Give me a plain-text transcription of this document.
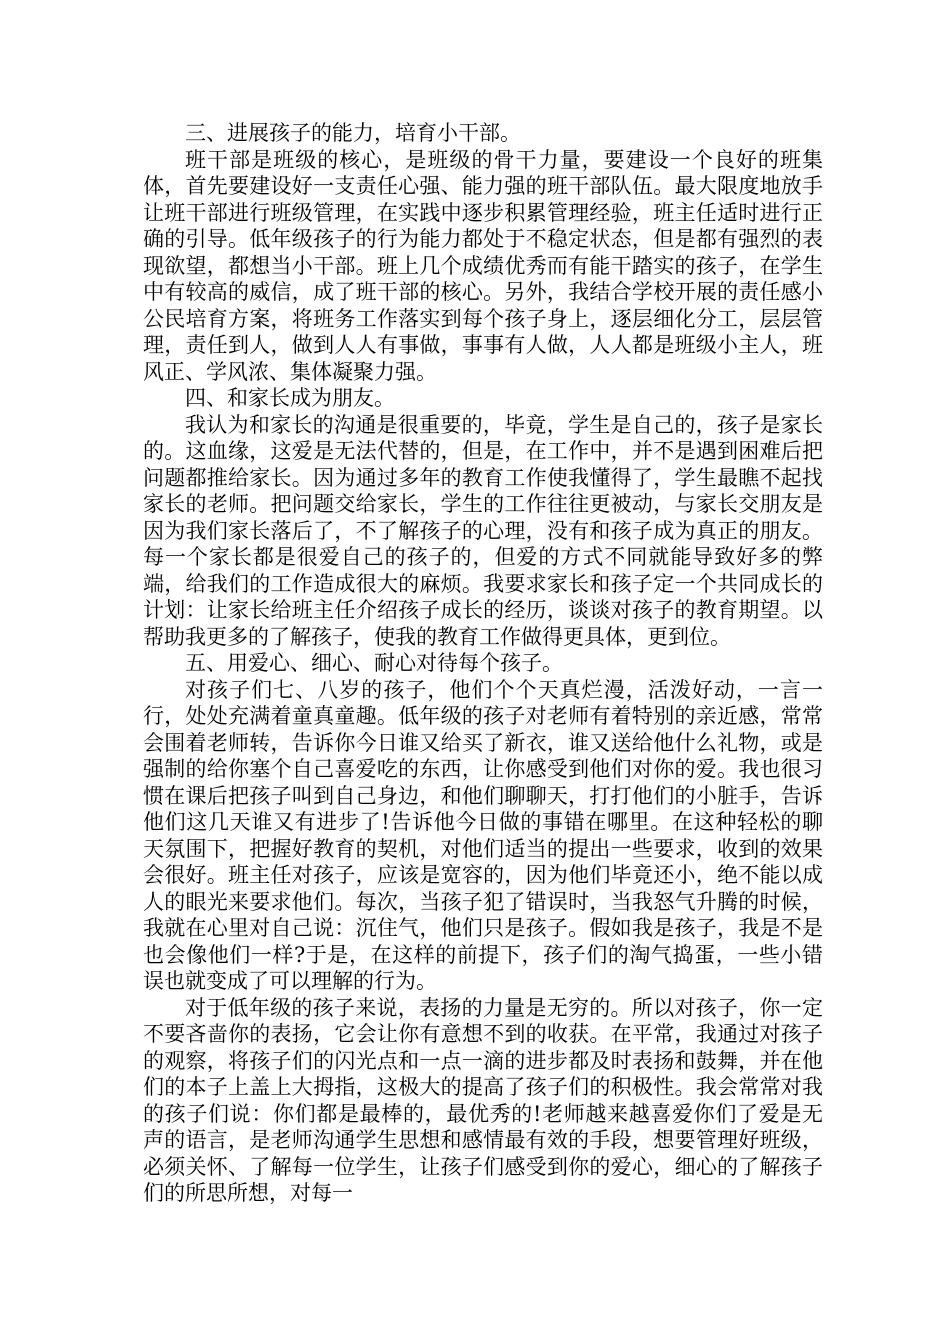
三、进展孩子的能力，培育小干部。

班干部是班级的核心，是班级的骨干力量，要建设一个良好的班集体，首先要建设好一支责任心强、能力强的班干部队伍。最大限度地放手让班干部进行班级管理，在实践中逐步积累管理经验，班主任适时进行正确的引导。低年级孩子的行为能力都处于不稳定状态，但是都有强烈的表现欲望，都想当小干部。班上几个成绩优秀而有能干踏实的孩子，在学生中有较高的威信，成了班干部的核心。另外，我结合学校开展的责任感小公民培育方案，将班务工作落实到每个孩子身上，逐层细化分工，层层管理，责任到人，做到人人有事做，事事有人做，人人都是班级小主人，班风正、学风浓、集体凝聚力强。

四、和家长成为朋友。

我认为和家长的沟通是很重要的，毕竟，学生是自己的，孩子是家长的。这血缘，这爱是无法代替的，但是，在工作中，并不是遇到困难后把问题都推给家长。因为通过多年的教育工作使我懂得了，学生最瞧不起找家长的老师。把问题交给家长，学生的工作往往更被动，与家长交朋友是因为我们家长落后了，不了解孩子的心理，没有和孩子成为真正的朋友。每一个家长都是很爱自己的孩子的，但爱的方式不同就能导致好多的弊端，给我们的工作造成很大的麻烦。我要求家长和孩子定一个共同成长的计划：让家长给班主任介绍孩子成长的经历，谈谈对孩子的教育期望。以帮助我更多的了解孩子，使我的教育工作做得更具体，更到位。

五、用爱心、细心、耐心对待每个孩子。

对孩子们七、八岁的孩子，他们个个天真烂漫，活泼好动，一言一行，处处充满着童真童趣。低年级的孩子对老师有着特别的亲近感，常常会围着老师转，告诉你今日谁又给买了新衣，谁又送给他什么礼物，或是强制的给你塞个自己喜爱吃的东西，让你感受到他们对你的爱。我也很习惯在课后把孩子叫到自己身边，和他们聊聊天，打打他们的小脏手，告诉他们这几天谁又有进步了!告诉他今日做的事错在哪里。在这种轻松的聊天氛围下，把握好教育的契机，对他们适当的提出一些要求，收到的效果会很好。班主任对孩子，应该是宽容的，因为他们毕竟还小，绝不能以成人的眼光来要求他们。每次，当孩子犯了错误时，当我怒气升腾的时候，我就在心里对自己说：沉住气，他们只是孩子。假如我是孩子，我是不是也会像他们一样?于是，在这样的前提下，孩子们的淘气捣蛋，一些小错误也就变成了可以理解的行为。

对于低年级的孩子来说，表扬的力量是无穷的。所以对孩子，你一定不要吝啬你的表扬，它会让你有意想不到的收获。在平常，我通过对孩子的观察，将孩子们的闪光点和一点一滴的进步都及时表扬和鼓舞，并在他们的本子上盖上大拇指，这极大的提高了孩子们的积极性。我会常常对我的孩子们说：你们都是最棒的，最优秀的!老师越来越喜爱你们了爱是无声的语言，是老师沟通学生思想和感情最有效的手段，想要管理好班级，必须关怀、了解每一位学生，让孩子们感受到你的爱心，细心的了解孩子们的所思所想，对每一
